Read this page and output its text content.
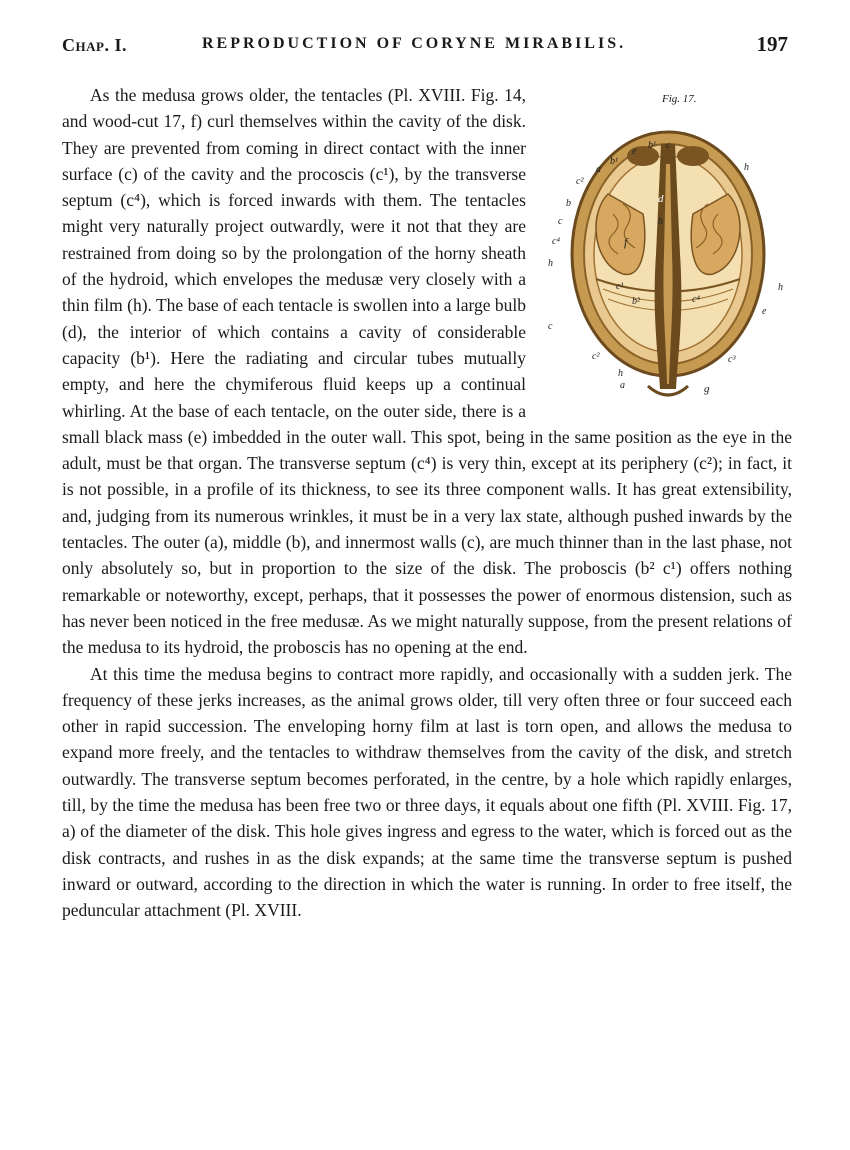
Chap. I.	REPRODUCTION OF CORYNE MIRABILIS.	197
Fig. 17.
a
b¹
e
b¹ c
h
c²
b
c
c⁴
h
d
h
f
c¹
b²	c⁴
h
e
c
c²	c³
h
a	g

As the medusa grows older, the tentacles (Pl. XVIII. Fig. 14, and wood-cut 17, f) curl themselves within the cavity of the disk. They are prevented from coming in direct contact with the inner surface (c) of the cavity and the procoscis (c¹), by the transverse septum (c⁴), which is forced inwards with them. The tentacles might very naturally project outwardly, were it not that they are restrained from doing so by the prolongation of the horny sheath of the hydroid, which envelopes the medusæ very closely with a thin film (h). The base of each tentacle is swollen into a large bulb (d), the interior of which contains a cavity of considerable capacity (b¹). Here the radiating and circular tubes mutually empty, and here the chymiferous fluid keeps up a continual whirling. At the base of each tentacle, on the outer side, there is a small black mass (e) imbedded in the outer wall. This spot, being in the same position as the eye in the adult, must be that organ. The transverse septum (c⁴) is very thin, except at its periphery (c²); in fact, it is not possible, in a profile of its thickness, to see its three component walls. It has great extensibility, and, judging from its numerous wrinkles, it must be in a very lax state, although pushed inwards by the tentacles. The outer (a), middle (b), and innermost walls (c), are much thinner than in the last phase, not only absolutely so, but in proportion to the size of the disk. The proboscis (b² c¹) offers nothing remarkable or noteworthy, except, perhaps, that it possesses the power of enormous distension, such as has never been noticed in the free medusæ. As we might naturally suppose, from the present relations of the medusa to its hydroid, the proboscis has no opening at the end.

At this time the medusa begins to contract more rapidly, and occasionally with a sudden jerk. The frequency of these jerks increases, as the animal grows older, till very often three or four succeed each other in rapid succession. The enveloping horny film at last is torn open, and allows the medusa to expand more freely, and the tentacles to withdraw themselves from the cavity of the disk, and stretch outwardly. The transverse septum becomes perforated, in the centre, by a hole which rapidly enlarges, till, by the time the medusa has been free two or three days, it equals about one fifth (Pl. XVIII. Fig. 17, a) of the diameter of the disk. This hole gives ingress and egress to the water, which is forced out as the disk contracts, and rushes in as the disk expands; at the same time the transverse septum is pushed inward or outward, according to the direction in which the water is running. In order to free itself, the peduncular attachment (Pl. XVIII.
